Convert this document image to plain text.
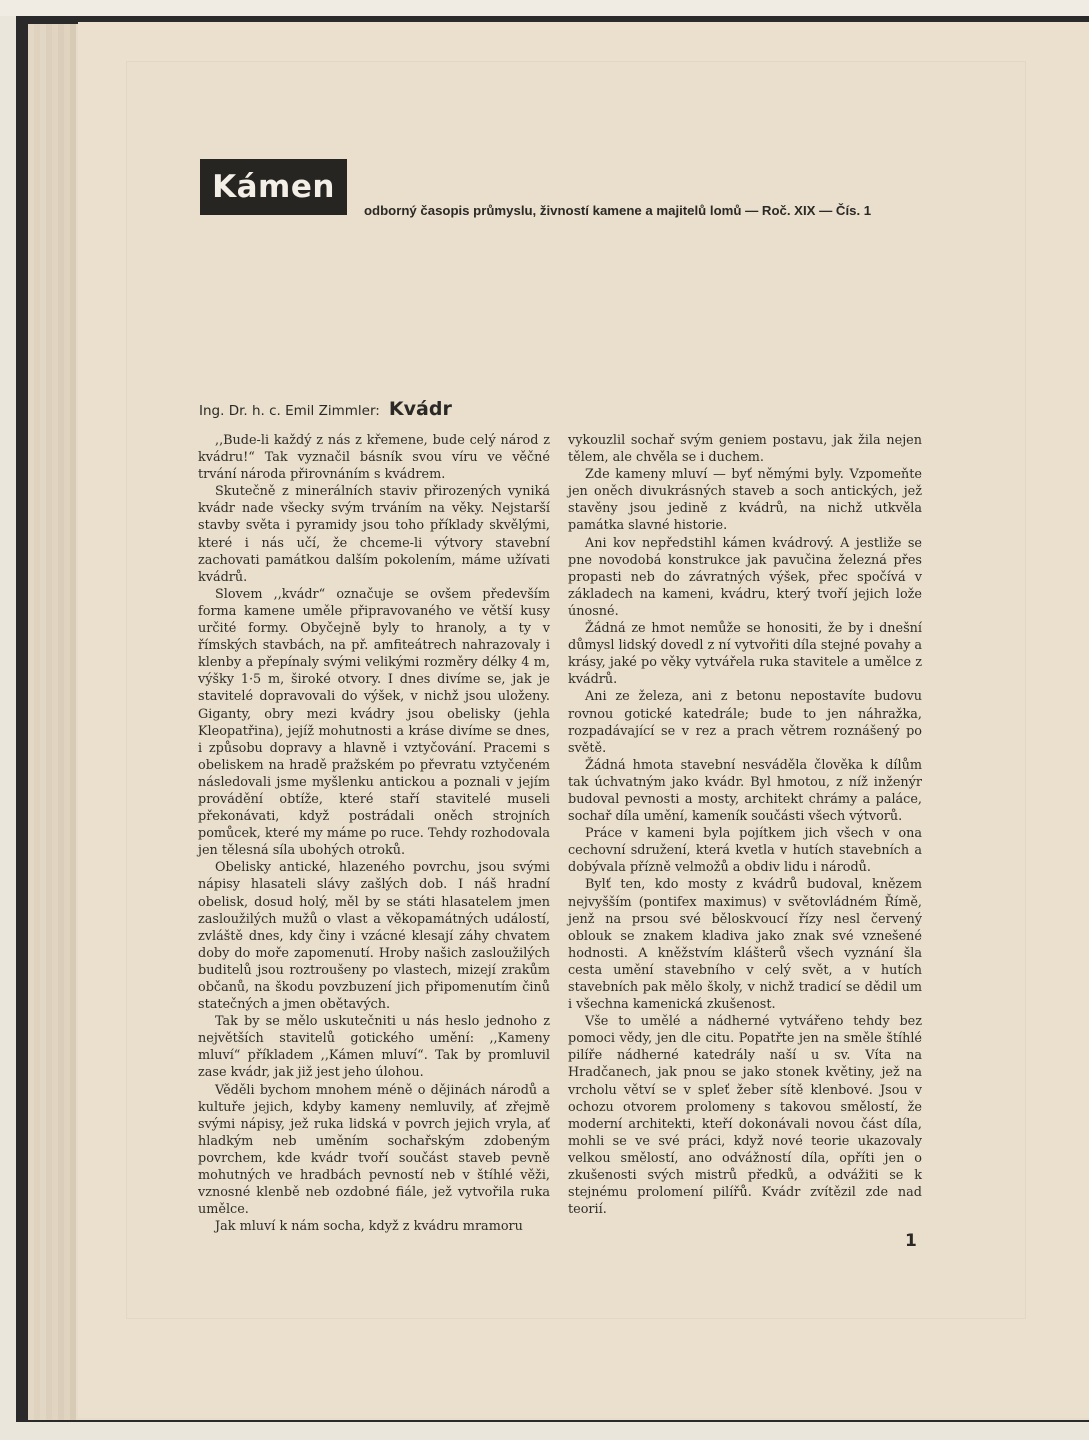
Kámen
odborný časopis průmyslu, živností kamene a majitelů lomů — Roč. XIX — Čís. 1
Ing. Dr. h. c. Emil Zimmler: Kvádr

,,Bude-li každý z nás z křemene, bude celý národ z kvádru!“ Tak vyznačil básník svou víru ve věčné trvání národa přirovnáním s kvádrem.

Skutečně z minerálních staviv přirozených vyniká kvádr nade všecky svým trváním na věky. Nejstarší stavby světa i pyramidy jsou toho příklady skvělými, které i nás učí, že chceme-li výtvory stavební zachovati památkou dalším pokolením, máme užívati kvádrů.

Slovem ,,kvádr“ označuje se ovšem především forma kamene uměle připravovaného ve větší kusy určité formy. Obyčejně byly to hranoly, a ty v římských stavbách, na př. amfiteátrech nahrazovaly i klenby a přepínaly svými velikými rozměry délky 4 m, výšky 1·5 m, široké otvory. I dnes divíme se, jak je stavitelé dopravovali do výšek, v nichž jsou uloženy. Giganty, obry mezi kvádry jsou obelisky (jehla Kleopatřina), jejíž mohutnosti a kráse divíme se dnes, i způsobu dopravy a hlavně i vztyčování. Pracemi s obeliskem na hradě pražském po převratu vztyčeném následovali jsme myšlenku antickou a poznali v jejím provádění obtíže, které staří stavitelé museli překonávati, když postrádali oněch strojních pomůcek, které my máme po ruce. Tehdy rozhodovala jen tělesná síla ubohých otroků.

Obelisky antické, hlazeného povrchu, jsou svými nápisy hlasateli slávy zašlých dob. I náš hradní obelisk, dosud holý, měl by se státi hlasatelem jmen zasloužilých mužů o vlast a věkopamátných událostí, zvláště dnes, kdy činy i vzácné klesají záhy chvatem doby do moře zapomenutí. Hroby našich zasloužilých buditelů jsou roztroušeny po vlastech, mizejí zrakům občanů, na škodu povzbuzení jich připomenutím činů statečných a jmen obětavých.

Tak by se mělo uskutečniti u nás heslo jednoho z největších stavitelů gotického umění: ,,Kameny mluví“ příkladem ,,Kámen mluví“. Tak by promluvil zase kvádr, jak již jest jeho úlohou.

Věděli bychom mnohem méně o dějinách národů a kultuře jejich, kdyby kameny nemluvily, ať zřejmě svými nápisy, jež ruka lidská v povrch jejich vryla, ať hladkým neb uměním sochařským zdobeným povrchem, kde kvádr tvoří součást staveb pevně mohutných ve hradbách pevností neb v štíhlé věži, vznosné klenbě neb ozdobné fiále, jež vytvořila ruka umělce.

Jak mluví k nám socha, když z kvádru mramoru

vykouzlil sochař svým geniem postavu, jak žila nejen tělem, ale chvěla se i duchem.

Zde kameny mluví — byť němými byly. Vzpomeňte jen oněch divukrásných staveb a soch antických, jež stavěny jsou jedině z kvádrů, na nichž utkvěla památka slavné historie.

Ani kov nepředstihl kámen kvádrový. A jestliže se pne novodobá konstrukce jak pavučina železná přes propasti neb do závratných výšek, přec spočívá v základech na kameni, kvádru, který tvoří jejich lože únosné.

Žádná ze hmot nemůže se honositi, že by i dnešní důmysl lidský dovedl z ní vytvořiti díla stejné povahy a krásy, jaké po věky vytvářela ruka stavitele a umělce z kvádrů.

Ani ze železa, ani z betonu nepostavíte budovu rovnou gotické katedrále; bude to jen náhražka, rozpadávající se v rez a prach větrem roznášený po světě.

Žádná hmota stavební nesváděla člověka k dílům tak úchvatným jako kvádr. Byl hmotou, z níž inženýr budoval pevnosti a mosty, architekt chrámy a paláce, sochař díla umění, kameník součásti všech výtvorů.

Práce v kameni byla pojítkem jich všech v ona cechovní sdružení, která kvetla v hutích stavebních a dobývala přízně velmožů a obdiv lidu i národů.

Bylť ten, kdo mosty z kvádrů budoval, knězem nejvyšším (pontifex maximus) v světovládném Římě, jenž na prsou své běloskvoucí řízy nesl červený oblouk se znakem kladiva jako znak své vznešené hodnosti. A kněžstvím klášterů všech vyznání šla cesta umění stavebního v celý svět, a v hutích stavebních pak mělo školy, v nichž tradicí se dědil um i všechna kamenická zkušenost.

Vše to umělé a nádherné vytvářeno tehdy bez pomoci vědy, jen dle citu. Popatřte jen na směle štíhlé pilíře nádherné katedrály naší u sv. Víta na Hradčanech, jak pnou se jako stonek květiny, jež na vrcholu větví se v spleť žeber sítě klenbové. Jsou v ochozu otvorem prolomeny s takovou smělostí, že moderní architekti, kteří dokonávali novou část díla, mohli se ve své práci, když nové teorie ukazovaly velkou smělostí, ano odvážností díla, opříti jen o zkušenosti svých mistrů předků, a odvážiti se k stejnému prolomení pilířů. Kvádr zvítězil zde nad teorií.

1
